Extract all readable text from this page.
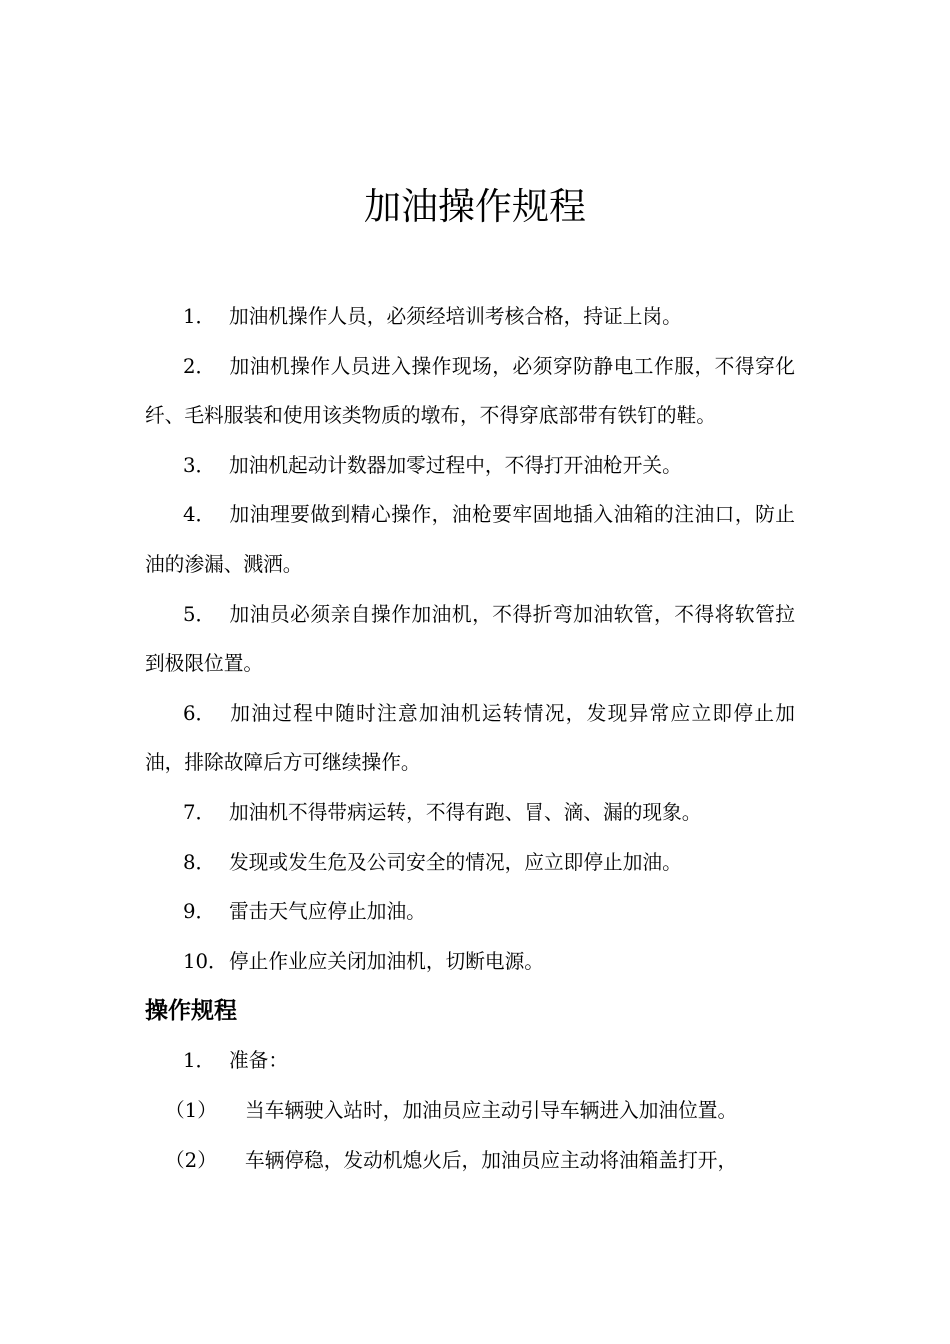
加油操作规程

1． 加油机操作人员，必须经培训考核合格，持证上岗。

2． 加油机操作人员进入操作现场，必须穿防静电工作服，不得穿化纤、毛料服装和使用该类物质的墩布，不得穿底部带有铁钉的鞋。

3． 加油机起动计数器加零过程中，不得打开油枪开关。

4． 加油理要做到精心操作，油枪要牢固地插入油箱的注油口，防止油的渗漏、溅洒。

5． 加油员必须亲自操作加油机，不得折弯加油软管，不得将软管拉到极限位置。

6． 加油过程中随时注意加油机运转情况，发现异常应立即停止加油，排除故障后方可继续操作。

7． 加油机不得带病运转，不得有跑、冒、滴、漏的现象。

8． 发现或发生危及公司安全的情况，应立即停止加油。

9． 雷击天气应停止加油。

10．停止作业应关闭加油机，切断电源。

操作规程

1． 准备：

（1） 当车辆驶入站时，加油员应主动引导车辆进入加油位置。

（2） 车辆停稳，发动机熄火后，加油员应主动将油箱盖打开，
